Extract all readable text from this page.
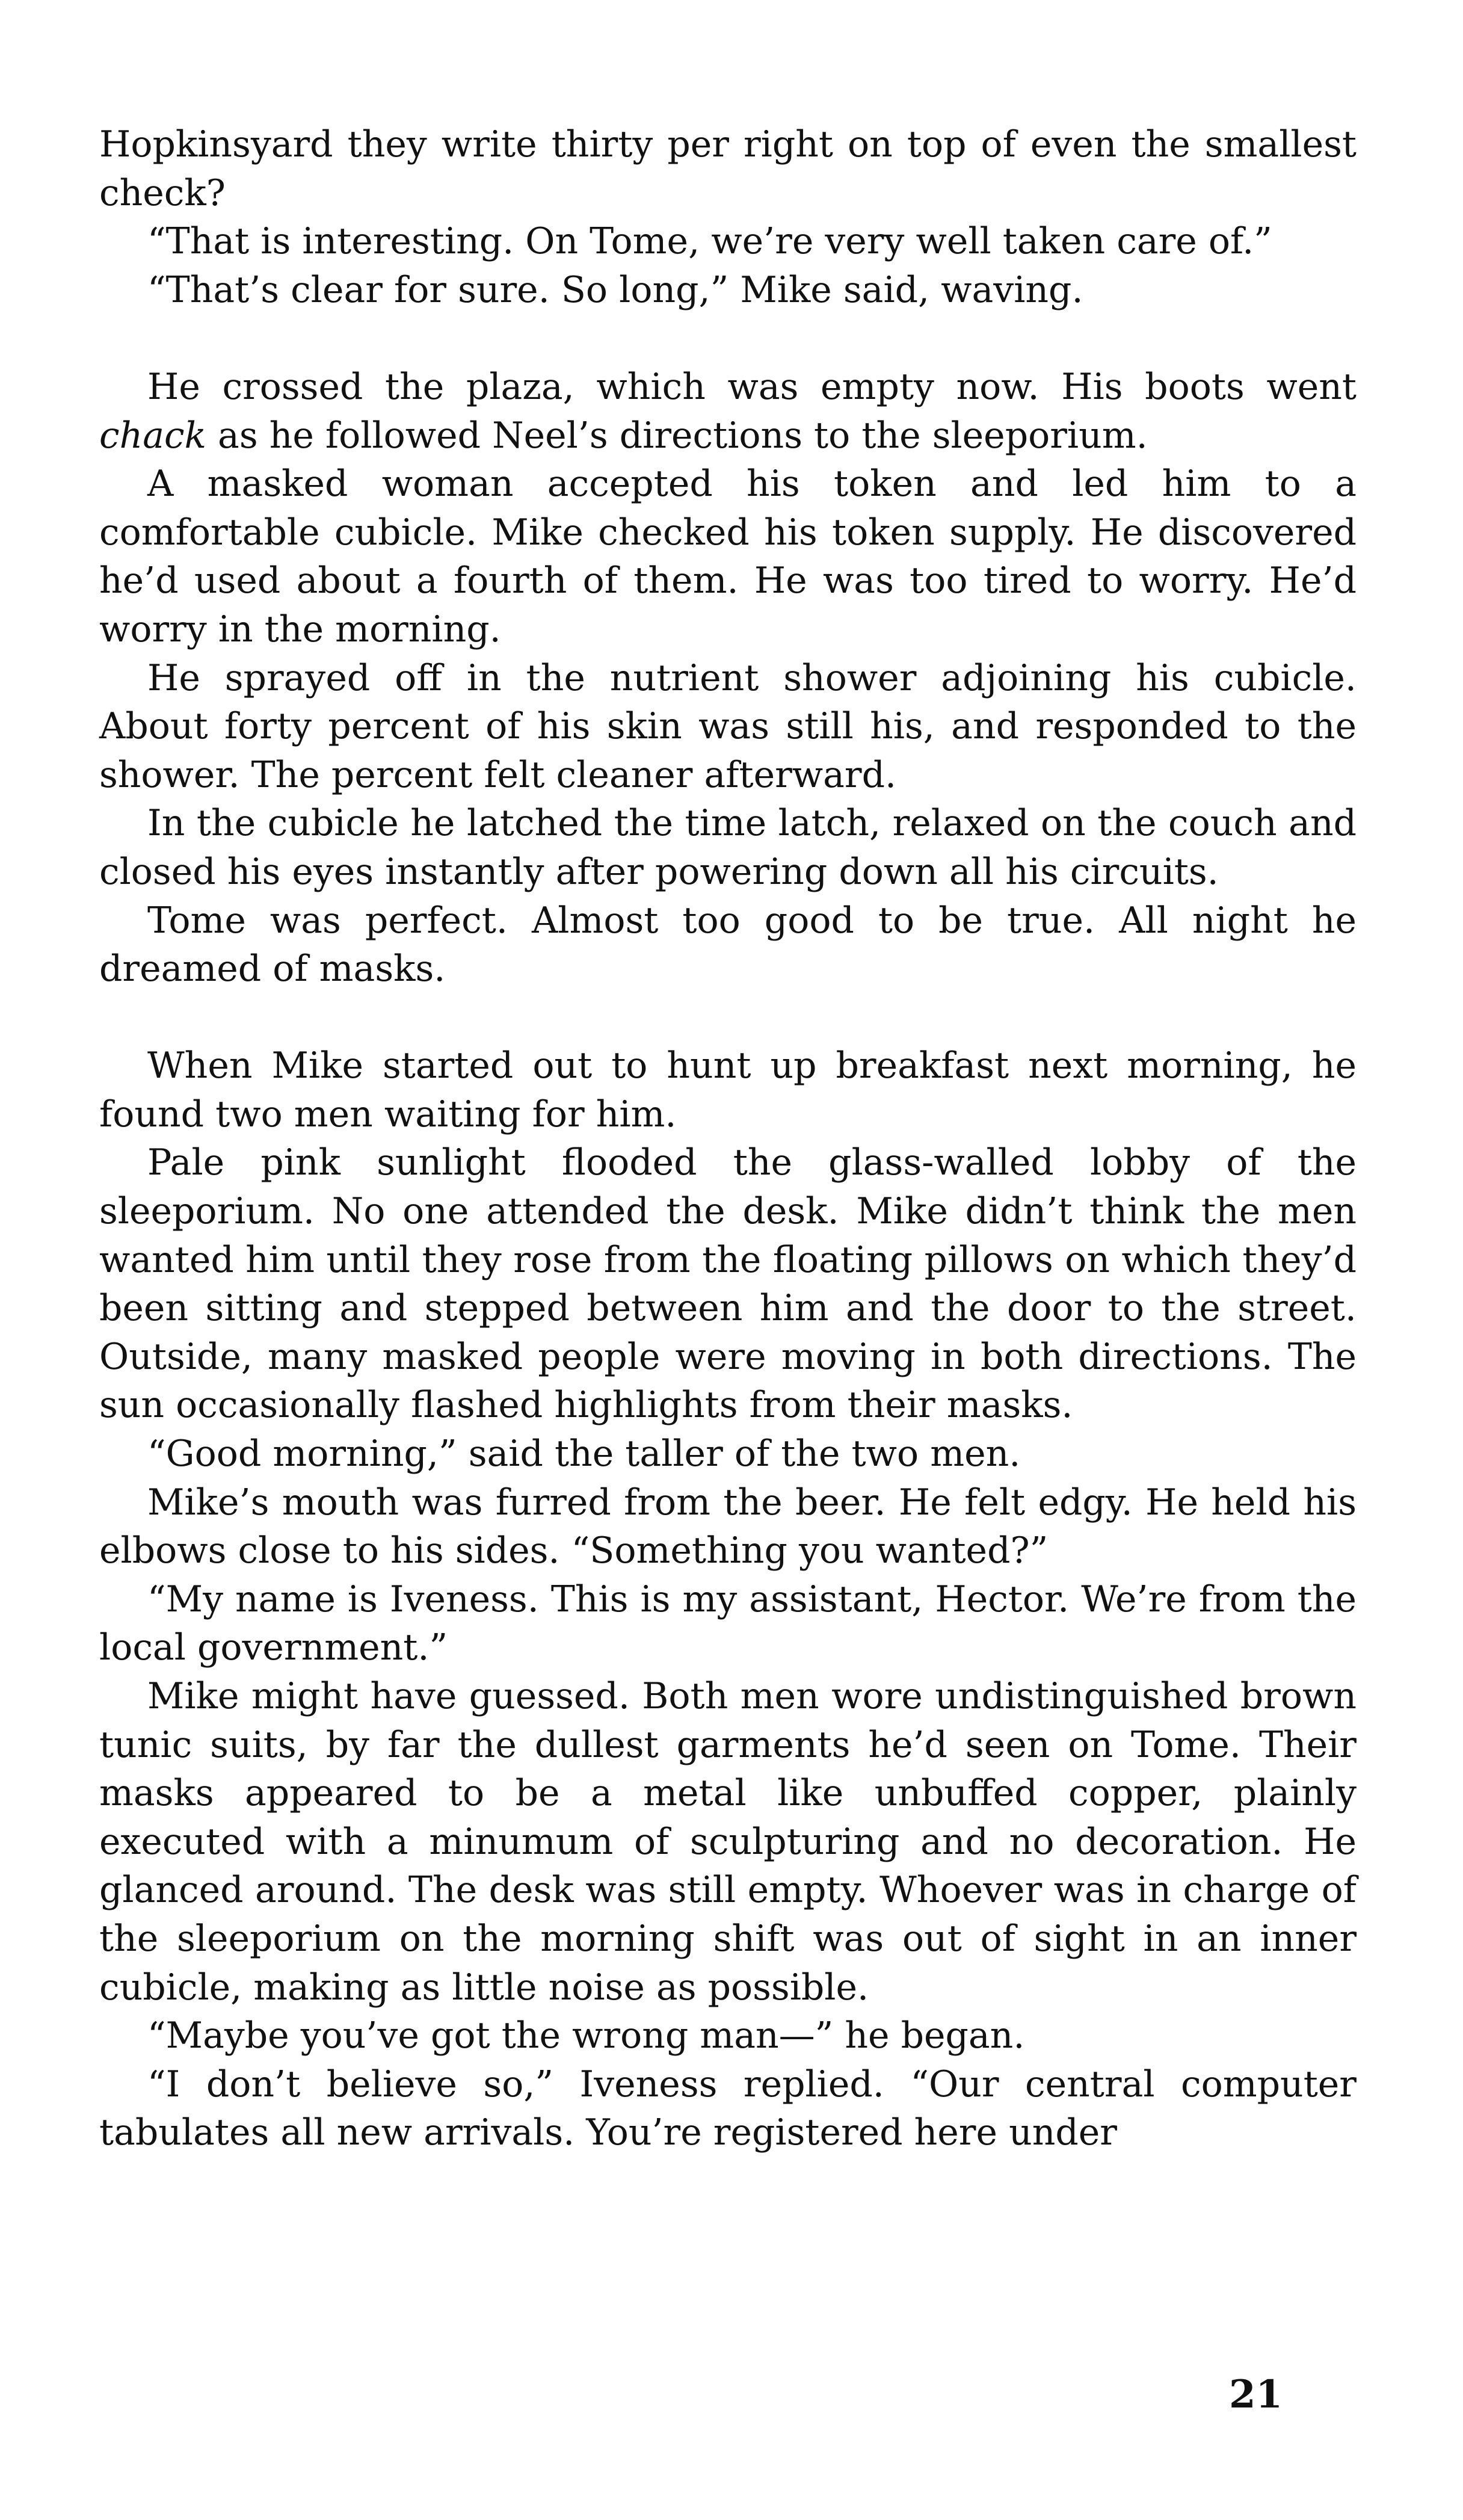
Hopkinsyard they write thirty per right on top of even the smallest check?

“That is interesting. On Tome, we’re very well taken care of.”

“That’s clear for sure. So long,” Mike said, waving.

He crossed the plaza, which was empty now. His boots went chack as he followed Neel’s directions to the sleeporium.

A masked woman accepted his token and led him to a comfortable cubicle. Mike checked his token supply. He discovered he’d used about a fourth of them. He was too tired to worry. He’d worry in the morning.

He sprayed off in the nutrient shower adjoining his cubicle. About forty percent of his skin was still his, and responded to the shower. The percent felt cleaner afterward.

In the cubicle he latched the time latch, relaxed on the couch and closed his eyes instantly after powering down all his circuits.

Tome was perfect. Almost too good to be true. All night he dreamed of masks.

When Mike started out to hunt up breakfast next morning, he found two men waiting for him.

Pale pink sunlight flooded the glass-walled lobby of the sleeporium. No one attended the desk. Mike didn’t think the men wanted him until they rose from the floating pillows on which they’d been sitting and stepped between him and the door to the street. Outside, many masked people were moving in both directions. The sun occasionally flashed highlights from their masks.

“Good morning,” said the taller of the two men.

Mike’s mouth was furred from the beer. He felt edgy. He held his elbows close to his sides. “Something you wanted?”

“My name is Iveness. This is my assistant, Hector. We’re from the local government.”

Mike might have guessed. Both men wore undistinguished brown tunic suits, by far the dullest garments he’d seen on Tome. Their masks appeared to be a metal like unbuffed copper, plainly executed with a minumum of sculpturing and no decoration. He glanced around. The desk was still empty. Whoever was in charge of the sleeporium on the morning shift was out of sight in an inner cubicle, making as little noise as possible.

“Maybe you’ve got the wrong man—” he began.

“I don’t believe so,” Iveness replied. “Our central computer tabulates all new arrivals. You’re registered here under

21
